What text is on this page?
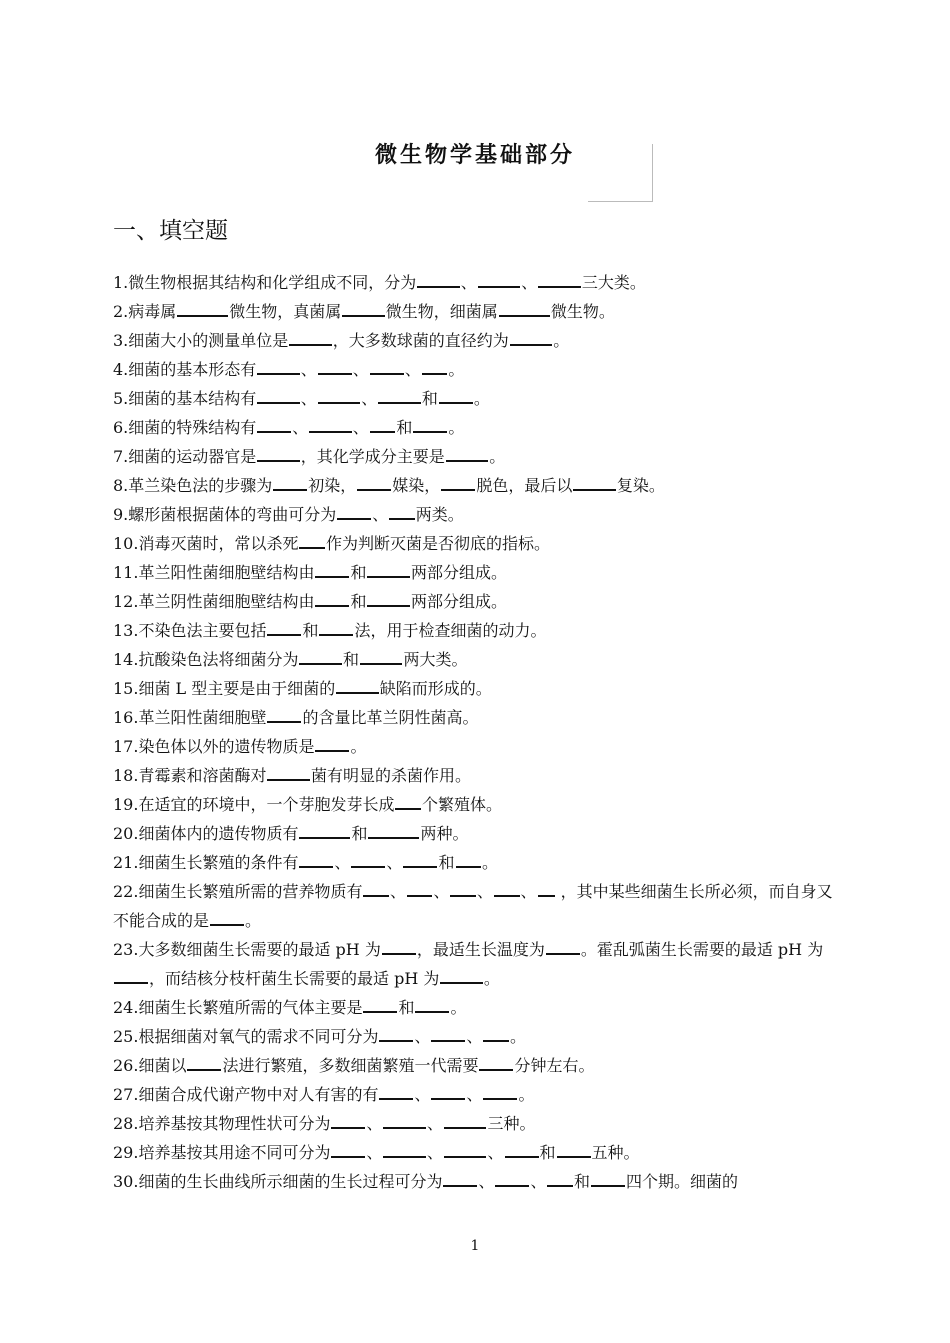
微生物学基础部分
一、填空题
1.微生物根据其结构和化学组成不同，分为	、	、	三大类。
2.病毒属	微生物，真菌属	微生物，细菌属	微生物。
3.细菌大小的测量单位是	，大多数球菌的直径约为	。
4.细菌的基本形态有	、 、 、 。
5.细菌的基本结构有	、	、	和 。
6.细菌的特殊结构有 、	、 和 。
7.细菌的运动器官是	，其化学成分主要是	。
8.革兰染色法的步骤为 初染， 媒染， 脱色，最后以	复染。
9.螺形菌根据菌体的弯曲可分为 、 两类。
10.消毒灭菌时，常以杀死 作为判断灭菌是否彻底的指标。
11.革兰阳性菌细胞壁结构由 和	两部分组成。
12.革兰阴性菌细胞壁结构由 和	两部分组成。
13.不染色法主要包括 和 法，用于检查细菌的动力。
14.抗酸染色法将细菌分为	和	两大类。
15.细菌 L 型主要是由于细菌的	缺陷而形成的。
16.革兰阳性菌细胞壁 的含量比革兰阴性菌高。
17.染色体以外的遗传物质是 。
18.青霉素和溶菌酶对	菌有明显的杀菌作用。
19.在适宜的环境中，一个芽胞发芽长成 个繁殖体。
20.细菌体内的遗传物质有	和	两种。
21.细菌生长繁殖的条件有 、 、 和 。
22.细菌生长繁殖所需的营养物质有 、 、 、 、 ，其中某些细菌生长所必须，而自身又不能合成的是 。
23.大多数细菌生长需要的最适 pH 为 ，最适生长温度为 。霍乱弧菌生长需要的最适 pH 为，而结核分枝杆菌生长需要的最适 pH 为	。
24.细菌生长繁殖所需的气体主要是 和 。
25.根据细菌对氧气的需求不同可分为 、 、 。
26.细菌以 法进行繁殖，多数细菌繁殖一代需要 分钟左右。
27.细菌合成代谢产物中对人有害的有 、 、 。
28.培养基按其物理性状可分为 、	、	三种。
29.培养基按其用途不同可分为 、	、	、 和 五种。
30.细菌的生长曲线所示细菌的生长过程可分为 、 、 和 四个期。细菌的
1
